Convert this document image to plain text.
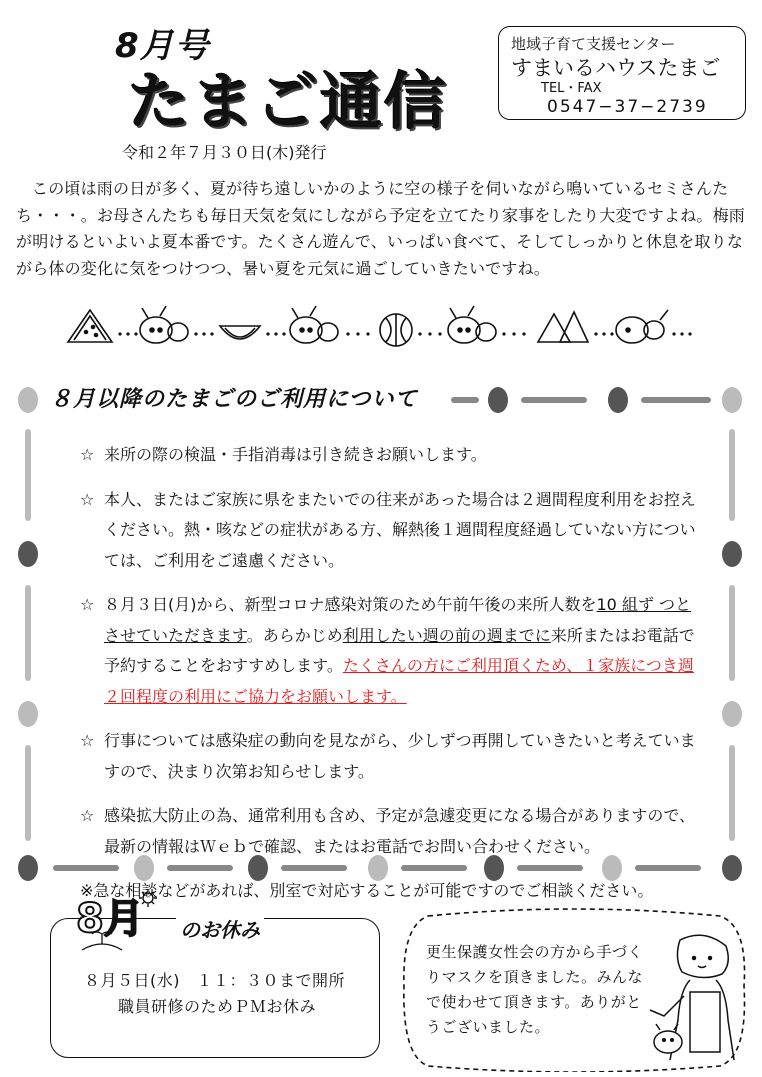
8月号
たまご通信
令和２年７月３０日(木)発行
地域子育て支援センター
すまいるハウスたまご
TEL・FAX
0547−37−2739
この頃は雨の日が多く、夏が待ち遠しいかのように空の様子を伺いながら鳴いているセミさんたち・・・。お母さんたちも毎日天気を気にしながら予定を立てたり家事をしたり大変ですよね。梅雨が明けるといよいよ夏本番です。たくさん遊んで、いっぱい食べて、そしてしっかりと休息を取りながら体の変化に気をつけつつ、暑い夏を元気に過ごしていきたいですね。
８月以降のたまごのご利用について
☆ 来所の際の検温・手指消毒は引き続きお願いします。
☆ 本人、またはご家族に県をまたいでの往来があった場合は２週間程度利用をお控えください。熱・咳などの症状がある方、解熱後１週間程度経過していない方については、ご利用をご遠慮ください。
☆ ８月３日(月)から、新型コロナ感染対策のため午前午後の来所人数を10 組ず つとさせていただきます。あらかじめ利用したい週の前の週までに来所またはお電話で予約することをおすすめします。たくさんの方にご利用頂くため、１家族につき週２回程度の利用にご協力をお願いします。
☆ 行事については感染症の動向を見ながら、少しずつ再開していきたいと考えていますので、決まり次第お知らせします。
☆ 感染拡大防止の為、通常利用も含め、予定が急遽変更になる場合がありますので、最新の情報はＷｅｂで確認、またはお電話でお問い合わせください。
※急な相談などがあれば、別室で対応することが可能ですのでご相談ください。
8月 のお休み
８月５日(水)　１１：３０まで開所
職員研修のためＰＭお休み
更生保護女性会の方から手づくりマスクを頂きました。みんなで使わせて頂きます。ありがとうございました。
